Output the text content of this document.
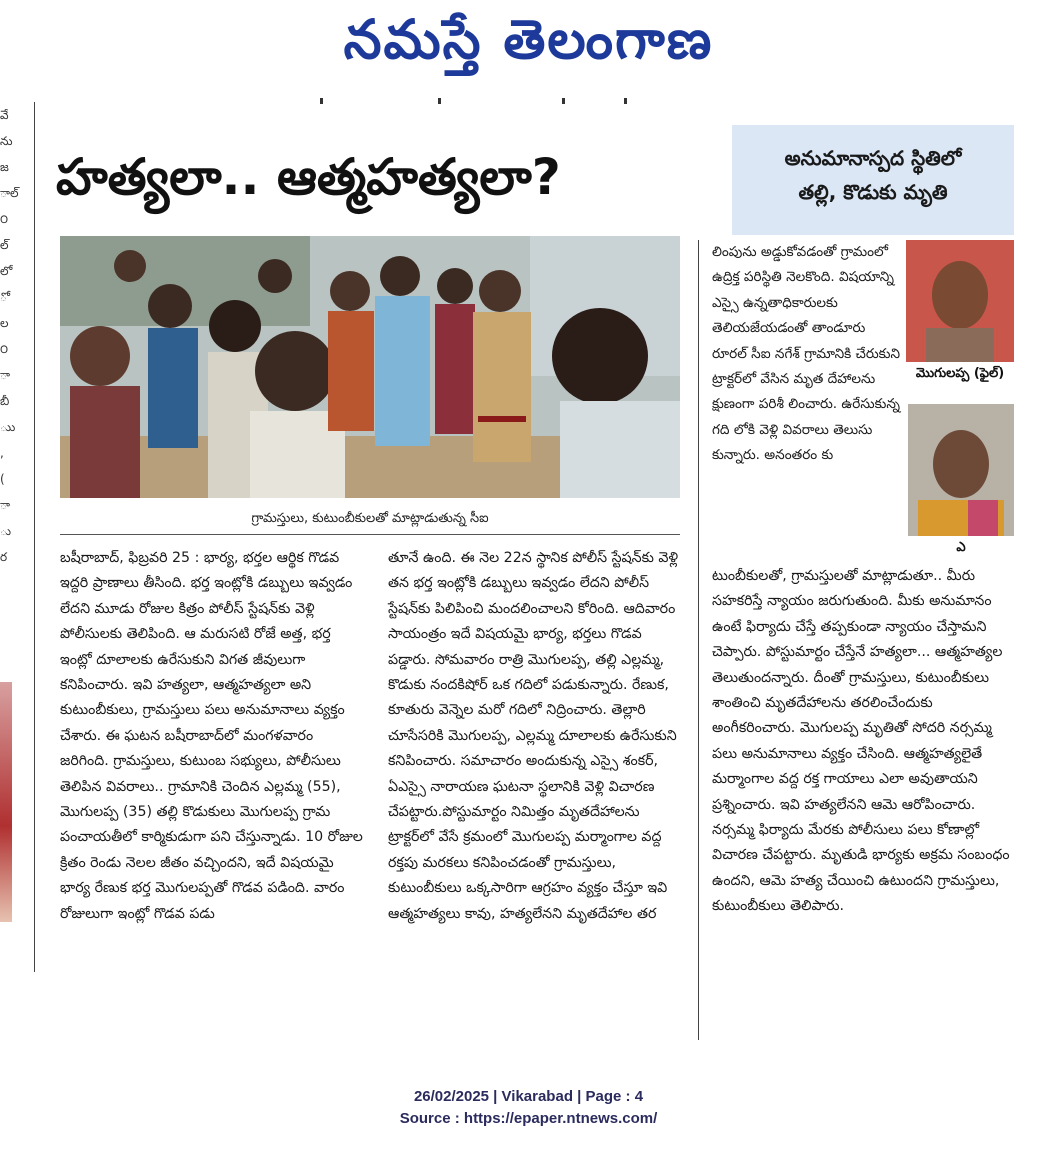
నమస్తే తెలంగాణ
వే
ను
జ
ాల్
౦
ల్
లో
ో
ల
౦
ా
బీ
ుు
,
(
ా
ు
ర
హత్యలా.. ఆత్మహత్యలా?	అనుమానాస్పద స్థితిలో
తల్లి, కొడుకు మృతి
గ్రామస్తులు, కుటుంబీకులతో మాట్లాడుతున్న సీఐ
బషీరాబాద్, ఫిబ్రవరి 25 : భార్య, భర్తల ఆర్థిక గొడవ ఇద్దరి ప్రాణాలు తీసింది. భర్త ఇంట్లోకి డబ్బులు ఇవ్వడం లేదని మూడు రోజుల కిత్రం పోలీస్ స్టేషన్‌కు వెళ్లి పోలీసులకు తెలిపింది. ఆ మరుసటి రోజే అత్త, భర్త ఇంట్లో దూలాలకు ఉరేసుకుని విగత జీవులుగా కనిపించారు. ఇవి హత్యలా, ఆత్మహత్యలా అని కుటుంబీకులు, గ్రామస్తులు పలు అనుమానాలు వ్యక్తం చేశారు. ఈ ఘటన బషీరాబాద్‌లో మంగళవారం జరిగింది. గ్రామస్తులు, కుటుంబ సభ్యులు, పోలీసులు తెలిపిన వివరాలు.. గ్రామానికి చెందిన ఎల్లమ్మ (55), మొగులప్ప (35) తల్లి కొడుకులు మొగులప్ప గ్రామ పంచాయతీలో కార్మికుడుగా పని చేస్తున్నాడు. 10 రోజుల క్రితం రెండు నెలల జీతం వచ్చిందని, ఇదే విషయమై భార్య రేణుక భర్త మొగులప్పతో గొడవ పడింది. వారం రోజులుగా ఇంట్లో గొడవ పడు
తూనే ఉంది. ఈ నెల 22న స్థానిక పోలీస్ స్టేషన్‌కు వెళ్లి తన భర్త ఇంట్లోకి డబ్బులు ఇవ్వడం లేదని పోలీస్ స్టేషన్‌కు పిలిపించి మందలించాలని కోరింది. ఆదివారం సాయంత్రం ఇదే విషయమై భార్య, భర్తలు గొడవ పడ్డారు. సోమవారం రాత్రి మొగులప్ప, తల్లి ఎల్లమ్మ, కొడుకు నందకిషోర్ ఒక గదిలో పడుకున్నారు. రేణుక, కూతురు వెన్నెల మరో గదిలో నిద్రించారు. తెల్లారి చూసేసరికి మొగులప్ప, ఎల్లమ్మ దూలాలకు ఉరేసుకుని కనిపించారు. సమాచారం అందుకున్న ఎస్సై శంకర్, ఏఎస్సై నారాయణ ఘటనా స్థలానికి వెళ్లి విచారణ చేపట్టారు.పోస్టుమార్టం నిమిత్తం మృతదేహాలను ట్రాక్టర్‌లో వేసే క్రమంలో మొగులప్ప మర్మాంగాల వద్ద రక్తపు మరకలు కనిపించడంతో గ్రామస్తులు, కుటుంబీకులు ఒక్కసారిగా ఆగ్రహం వ్యక్తం చేస్తూ ఇవి ఆత్మహత్యలు కావు, హత్యలేనని మృతదేహాల తర
లింపును అడ్డుకోవడంతో గ్రామంలో ఉద్రిక్త పరిస్థితి నెలకొంది. విషయాన్ని ఎస్సై ఉన్నతాధికారులకు తెలియజేయడంతో తాండూరు రూరల్ సీఐ నగేశ్ గ్రామానికి చేరుకుని ట్రాక్టర్‌లో వేసిన మృత దేహాలను క్షుణంగా పరిశీ లించారు. ఉరేసుకున్న గది లోకి వెళ్లి వివరాలు తెలుసు కున్నారు. అనంతరం కు
టుంబీకులతో, గ్రామస్తులతో మాట్లాడుతూ.. మీరు సహకరిస్తే న్యాయం జరుగుతుంది. మీకు అనుమానం ఉంటే ఫిర్యాదు చేస్తే తప్పకుండా న్యాయం చేస్తామని చెప్పారు. పోస్టుమార్టం చేస్తేనే హత్యలా... ఆత్మహత్యల తెలుతుందన్నారు. దీంతో గ్రామస్తులు, కుటుంబీకులు శాంతించి మృతదేహాలను తరలించేందుకు అంగీకరించారు. మొగులప్ప మృతితో సోదరి నర్సమ్మ పలు అనుమానాలు వ్యక్తం చేసింది. ఆత్మహత్యలైతే మర్మాంగాల వద్ద రక్త గాయాలు ఎలా అవుతాయని ప్రశ్నించారు. ఇవి హత్యలేనని ఆమె ఆరోపించారు. నర్సమ్మ ఫిర్యాదు మేరకు పోలీసులు పలు కోణాల్లో విచారణ చేపట్టారు. మృతుడి భార్యకు అక్రమ సంబంధం ఉందని, ఆమె హత్య చేయించి ఉటుందని గ్రామస్తులు, కుటుంబీకులు తెలిపారు.
మొగులప్ప (ఫైల్)
ఎ
26/02/2025 | Vikarabad | Page : 4
Source : https://epaper.ntnews.com/
